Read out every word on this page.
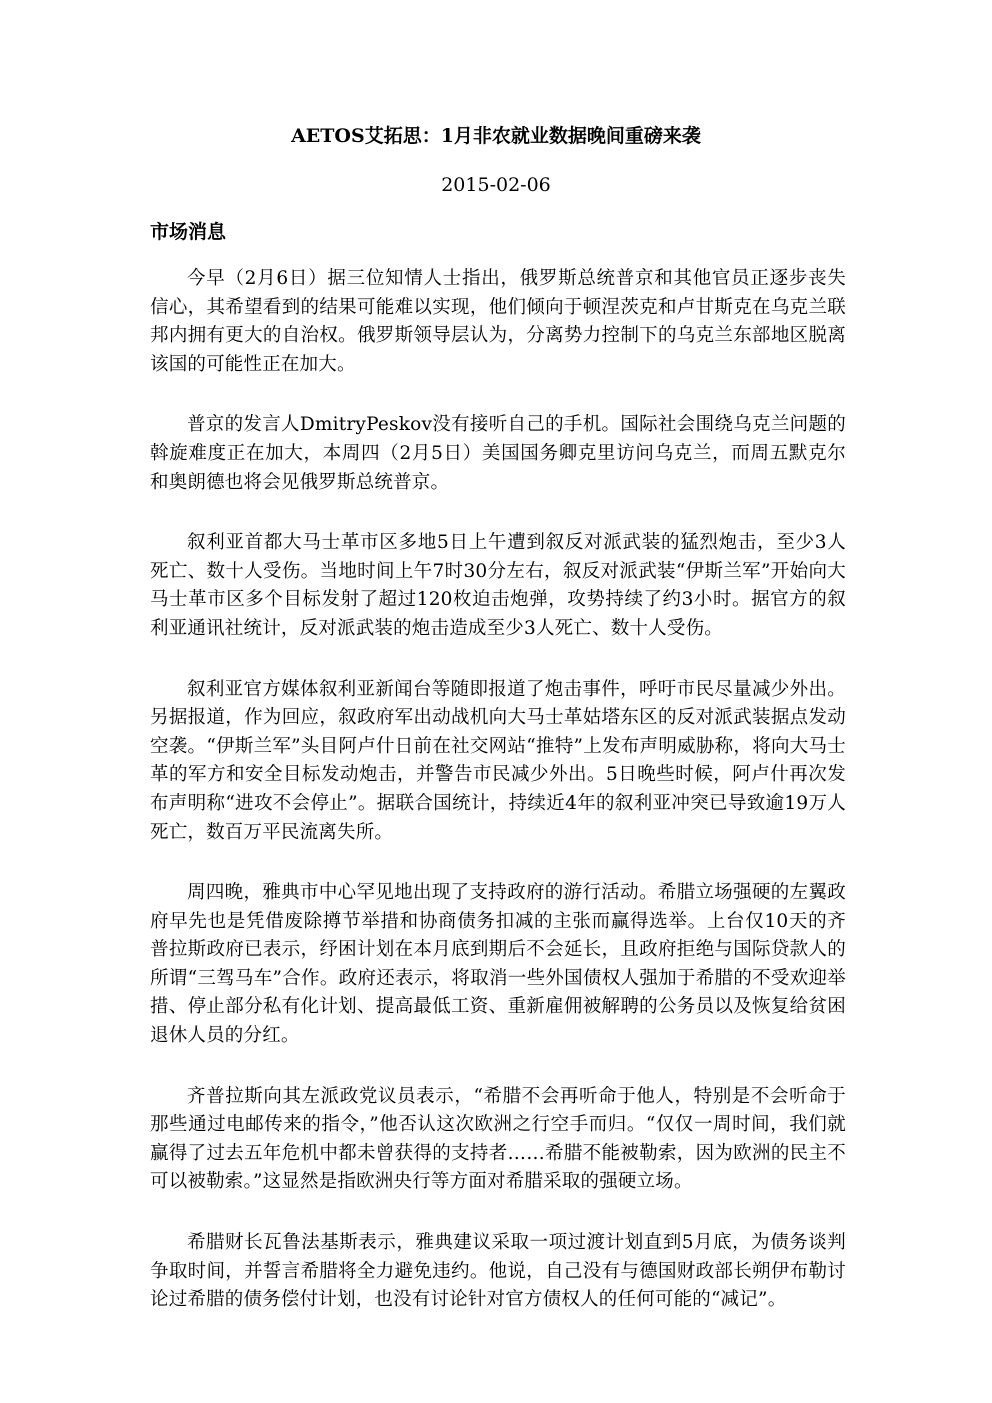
AETOS艾拓思：1月非农就业数据晚间重磅来袭
2015-02-06
市场消息

今早（2月6日）据三位知情人士指出，俄罗斯总统普京和其他官员正逐步丧失信心，其希望看到的结果可能难以实现，他们倾向于顿涅茨克和卢甘斯克在乌克兰联邦内拥有更大的自治权。俄罗斯领导层认为，分离势力控制下的乌克兰东部地区脱离该国的可能性正在加大。

普京的发言人DmitryPeskov没有接听自己的手机。国际社会围绕乌克兰问题的斡旋难度正在加大，本周四（2月5日）美国国务卿克里访问乌克兰，而周五默克尔和奥朗德也将会见俄罗斯总统普京。

叙利亚首都大马士革市区多地5日上午遭到叙反对派武装的猛烈炮击，至少3人死亡、数十人受伤。当地时间上午7时30分左右，叙反对派武装“伊斯兰军”开始向大马士革市区多个目标发射了超过120枚迫击炮弹，攻势持续了约3小时。据官方的叙利亚通讯社统计，反对派武装的炮击造成至少3人死亡、数十人受伤。

叙利亚官方媒体叙利亚新闻台等随即报道了炮击事件，呼吁市民尽量减少外出。另据报道，作为回应，叙政府军出动战机向大马士革姑塔东区的反对派武装据点发动空袭。“伊斯兰军”头目阿卢什日前在社交网站“推特”上发布声明威胁称，将向大马士革的军方和安全目标发动炮击，并警告市民减少外出。5日晚些时候，阿卢什再次发布声明称“进攻不会停止”。据联合国统计，持续近4年的叙利亚冲突已导致逾19万人死亡，数百万平民流离失所。

周四晚，雅典市中心罕见地出现了支持政府的游行活动。希腊立场强硬的左翼政府早先也是凭借废除撙节举措和协商债务扣减的主张而赢得选举。上台仅10天的齐普拉斯政府已表示，纾困计划在本月底到期后不会延长，且政府拒绝与国际贷款人的所谓“三驾马车”合作。政府还表示，将取消一些外国债权人强加于希腊的不受欢迎举措、停止部分私有化计划、提高最低工资、重新雇佣被解聘的公务员以及恢复给贫困退休人员的分红。

齐普拉斯向其左派政党议员表示，“希腊不会再听命于他人，特别是不会听命于那些通过电邮传来的指令，”他否认这次欧洲之行空手而归。“仅仅一周时间，我们就赢得了过去五年危机中都未曾获得的支持者……希腊不能被勒索，因为欧洲的民主不可以被勒索。”这显然是指欧洲央行等方面对希腊采取的强硬立场。

希腊财长瓦鲁法基斯表示，雅典建议采取一项过渡计划直到5月底，为债务谈判争取时间，并誓言希腊将全力避免违约。他说，自己没有与德国财政部长朔伊布勒讨论过希腊的债务偿付计划，也没有讨论针对官方债权人的任何可能的“减记”。
